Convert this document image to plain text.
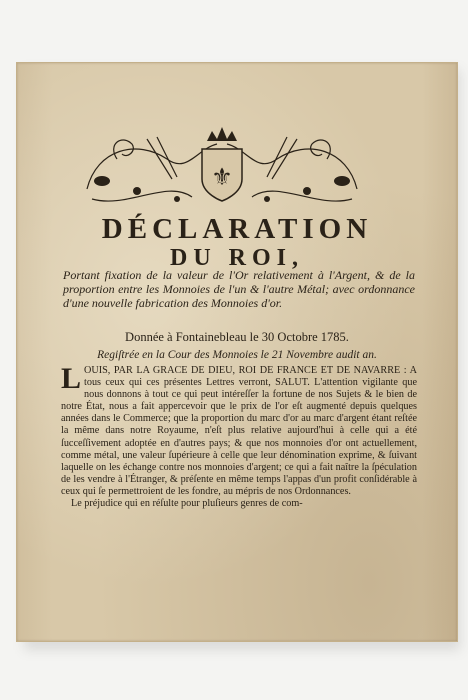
⚜
DÉCLARATION
DU ROI,
Portant fixation de la valeur de l'Or relativement à l'Argent, & de la proportion entre les Monnoies de l'un & l'autre Métal; avec ordonnance d'une nouvelle fabrication des Monnoies d'or.
Donnée à Fontainebleau le 30 Octobre 1785.
Regiſtrée en la Cour des Monnoies le 21 Novembre audit an.

LOUIS, PAR LA GRACE DE DIEU, ROI DE FRANCE ET DE NAVARRE : A tous ceux qui ces présentes Lettres verront, SALUT. L'attention vigilante que nous donnons à tout ce qui peut intéreſſer la fortune de nos Sujets & le bien de notre État, nous a fait appercevoir que le prix de l'or eſt augmenté depuis quelques années dans le Commerce; que la proportion du marc d'or au marc d'argent étant reſtée la même dans notre Royaume, n'eſt plus relative aujourd'hui à celle qui a été ſucceſſivement adoptée en d'autres pays; & que nos monnoies d'or ont actuellement, comme métal, une valeur ſupérieure à celle que leur dénomination exprime, & ſuivant laquelle on les échange contre nos monnoies d'argent; ce qui a fait naître la ſpéculation de les vendre à l'Étranger, & préſente en même temps l'appas d'un profit conſidérable à ceux qui ſe permettroient de les fondre, au mépris de nos Ordonnances.

Le préjudice qui en réſulte pour pluſieurs genres de com-
